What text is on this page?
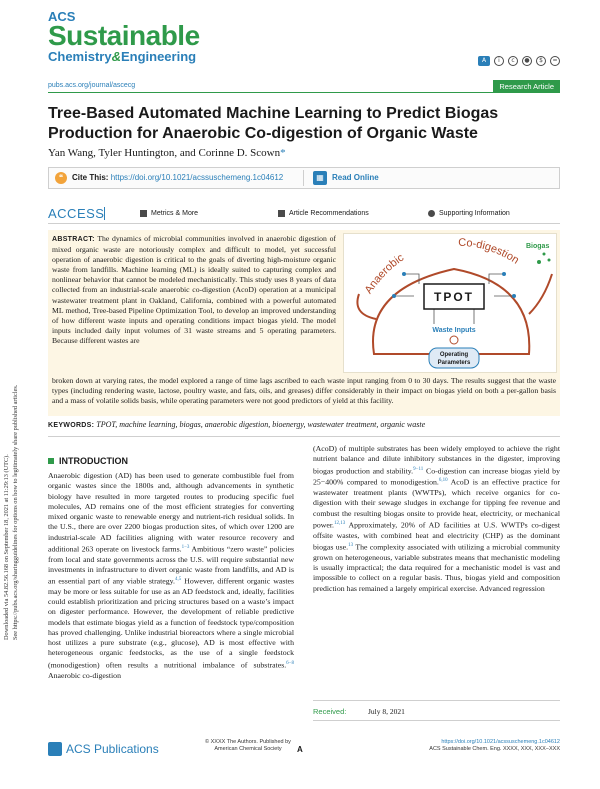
ACS
Sustainable
Chemistry&Engineering	A	i	c	●	$	=
pubs.acs.org/journal/ascecg	Research Article
Tree-Based Automated Machine Learning to Predict Biogas Production for Anaerobic Co-digestion of Organic Waste
Yan Wang, Tyler Huntington, and Corinne D. Scown*
❝	Cite This: https://doi.org/10.1021/acssuschemeng.1c04612	▦	Read Online
ACCESS	Metrics & More	Article Recommendations	Supporting Information
ABSTRACT: The dynamics of microbial communities involved in anaerobic digestion of mixed organic waste are notoriously complex and difficult to model, yet successful operation of anaerobic digestion is critical to the goals of diverting high-moisture organic waste from landfills. Machine learning (ML) is ideally suited to capturing complex and nonlinear behavior that cannot be modeled mechanistically. This study uses 8 years of data collected from an industrial-scale anaerobic co-digestion (AcoD) operation at a municipal wastewater treatment plant in Oakland, California, combined with a powerful automated ML method, Tree-based Pipeline Optimization Tool, to develop an improved understanding of how different waste inputs and operating conditions impact biogas yield. The model inputs included daily input volumes of 31 waste streams and 5 operating parameters. Because different wastes are
broken down at varying rates, the model explored a range of time lags ascribed to each waste input ranging from 0 to 30 days. The results suggest that the waste types (including rendering waste, lactose, poultry waste, and fats, oils, and greases) differ considerably in their impact on biogas yield on both a per-gallon basis and a mass of volatile solids basis, while operating parameters were not good predictors of yield at this facility.
Anaerobic
Co-digestion
Biogas
TPOT
Waste Inputs
Operating
Parameters
KEYWORDS: TPOT, machine learning, biogas, anaerobic digestion, bioenergy, wastewater treatment, organic waste
Downloaded via 54.82.56.168 on September 18, 2021 at 11:29:13 (UTC). See https://pubs.acs.org/sharingguidelines for options on how to legitimately share published articles.	INTRODUCTION
Anaerobic digestion (AD) has been used to generate combustible fuel from organic wastes since the 1800s and, although advancements in synthetic biology have resulted in more targeted routes to producing specific fuel molecules, AD remains one of the most efficient strategies for converting mixed organic waste to renewable energy and nutrient-rich residual solids. In the U.S., there are over 2200 biogas production sites, of which over 1200 are industrial-scale AD facilities aligning with water resource recovery and additional 263 operate on livestock farms.$^{1-3}$ Ambitious “zero waste” policies from local and state governments across the U.S. will require substantial new investments in infrastructure to divert organic waste from landfills, and AD is an essential part of any viable strategy.$^{4,5}$ However, different organic wastes may be more or less suitable for use as an AD feedstock and, ideally, facilities could establish prioritization and pricing structures based on a waste’s impact on digester performance. However, the development of reliable predictive models that estimate biogas yield as a function of feedstock type/composition has proved challenging. Unlike industrial bioreactors where a single microbial host utilizes a pure substrate (e.g., glucose), AD is most effective with heterogeneous organic feedstocks, as the use of a single feedstock (monodigestion) often results a nutritional imbalance of substrates.$^{6-8}$ Anaerobic co-digestion
(AcoD) of multiple substrates has been widely employed to achieve the right nutrient balance and dilute inhibitory substances in the digester, improving biogas production and stability.$^{9-11}$ Co-digestion can increase biogas yield by 25−400% compared to monodigestion.$^{6,10}$ AcoD is an effective practice for wastewater treatment plants (WWTPs), which receive organics for co-digestion with their sewage sludges in exchange for tipping fee revenue and combust the resulting biogas onsite to provide heat, electricity, or mechanical power.$^{12,13}$ Approximately, 20% of AD facilities at U.S. WWTPs co-digest offsite wastes, with combined heat and electricity (CHP) as the dominant biogas use.$^{13}$ The complexity associated with utilizing a microbial community grown on heterogeneous, variable substrates means that mechanistic modeling is usually impractical; the data required for a mechanistic model is vast and impossible to collect on a regular basis. Thus, biogas yield and composition prediction has remained a largely empirical exercise. Advanced regression
Received:	July 8, 2021
ACS Publications	© XXXX The Authors. Published by
American Chemical Society	A
https://doi.org/10.1021/acssuschemeng.1c04612
ACS Sustainable Chem. Eng. XXXX, XXX, XXX−XXX
